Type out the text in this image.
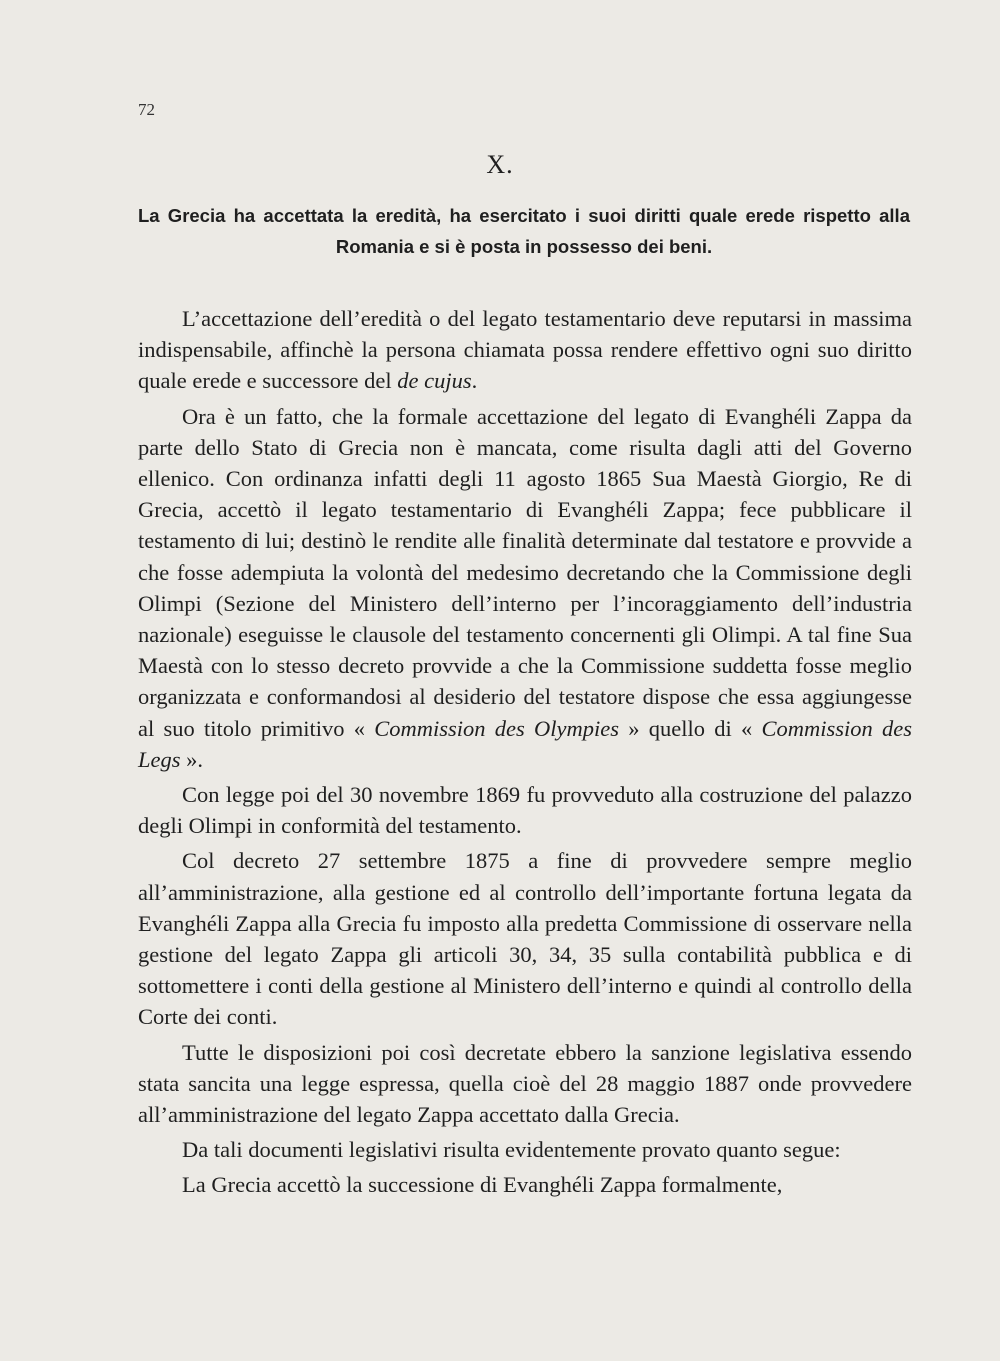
72
X.
La Grecia ha accettata la eredità, ha esercitato i suoi diritti quale erede rispetto alla Romania e si è posta in possesso dei beni.

L’accettazione dell’eredità o del legato testamentario deve reputarsi in massima indispensabile, affinchè la persona chiamata possa rendere effettivo ogni suo diritto quale erede e successore del de cujus.

Ora è un fatto, che la formale accettazione del legato di Evanghéli Zappa da parte dello Stato di Grecia non è mancata, come risulta dagli atti del Governo ellenico. Con ordinanza infatti degli 11 agosto 1865 Sua Maestà Giorgio, Re di Grecia, accettò il legato testamentario di Evanghéli Zappa; fece pubblicare il testamento di lui; destinò le rendite alle finalità determinate dal testatore e provvide a che fosse adempiuta la volontà del medesimo decretando che la Commissione degli Olimpi (Sezione del Ministero dell’interno per l’incoraggiamento dell’industria nazionale) eseguisse le clausole del testamento concernenti gli Olimpi. A tal fine Sua Maestà con lo stesso decreto provvide a che la Commissione suddetta fosse meglio organizzata e conformandosi al desiderio del testatore dispose che essa aggiungesse al suo titolo primitivo « Commission des Olympies » quello di « Commission des Legs ».

Con legge poi del 30 novembre 1869 fu provveduto alla costruzione del palazzo degli Olimpi in conformità del testamento.

Col decreto 27 settembre 1875 a fine di provvedere sempre meglio all’amministrazione, alla gestione ed al controllo dell’importante fortuna legata da Evanghéli Zappa alla Grecia fu imposto alla predetta Commissione di osservare nella gestione del legato Zappa gli articoli 30, 34, 35 sulla contabilità pubblica e di sottomettere i conti della gestione al Ministero dell’interno e quindi al controllo della Corte dei conti.

Tutte le disposizioni poi così decretate ebbero la sanzione legislativa essendo stata sancita una legge espressa, quella cioè del 28 maggio 1887 onde provvedere all’amministrazione del legato Zappa accettato dalla Grecia.

Da tali documenti legislativi risulta evidentemente provato quanto segue:

La Grecia accettò la successione di Evanghéli Zappa formalmente,
